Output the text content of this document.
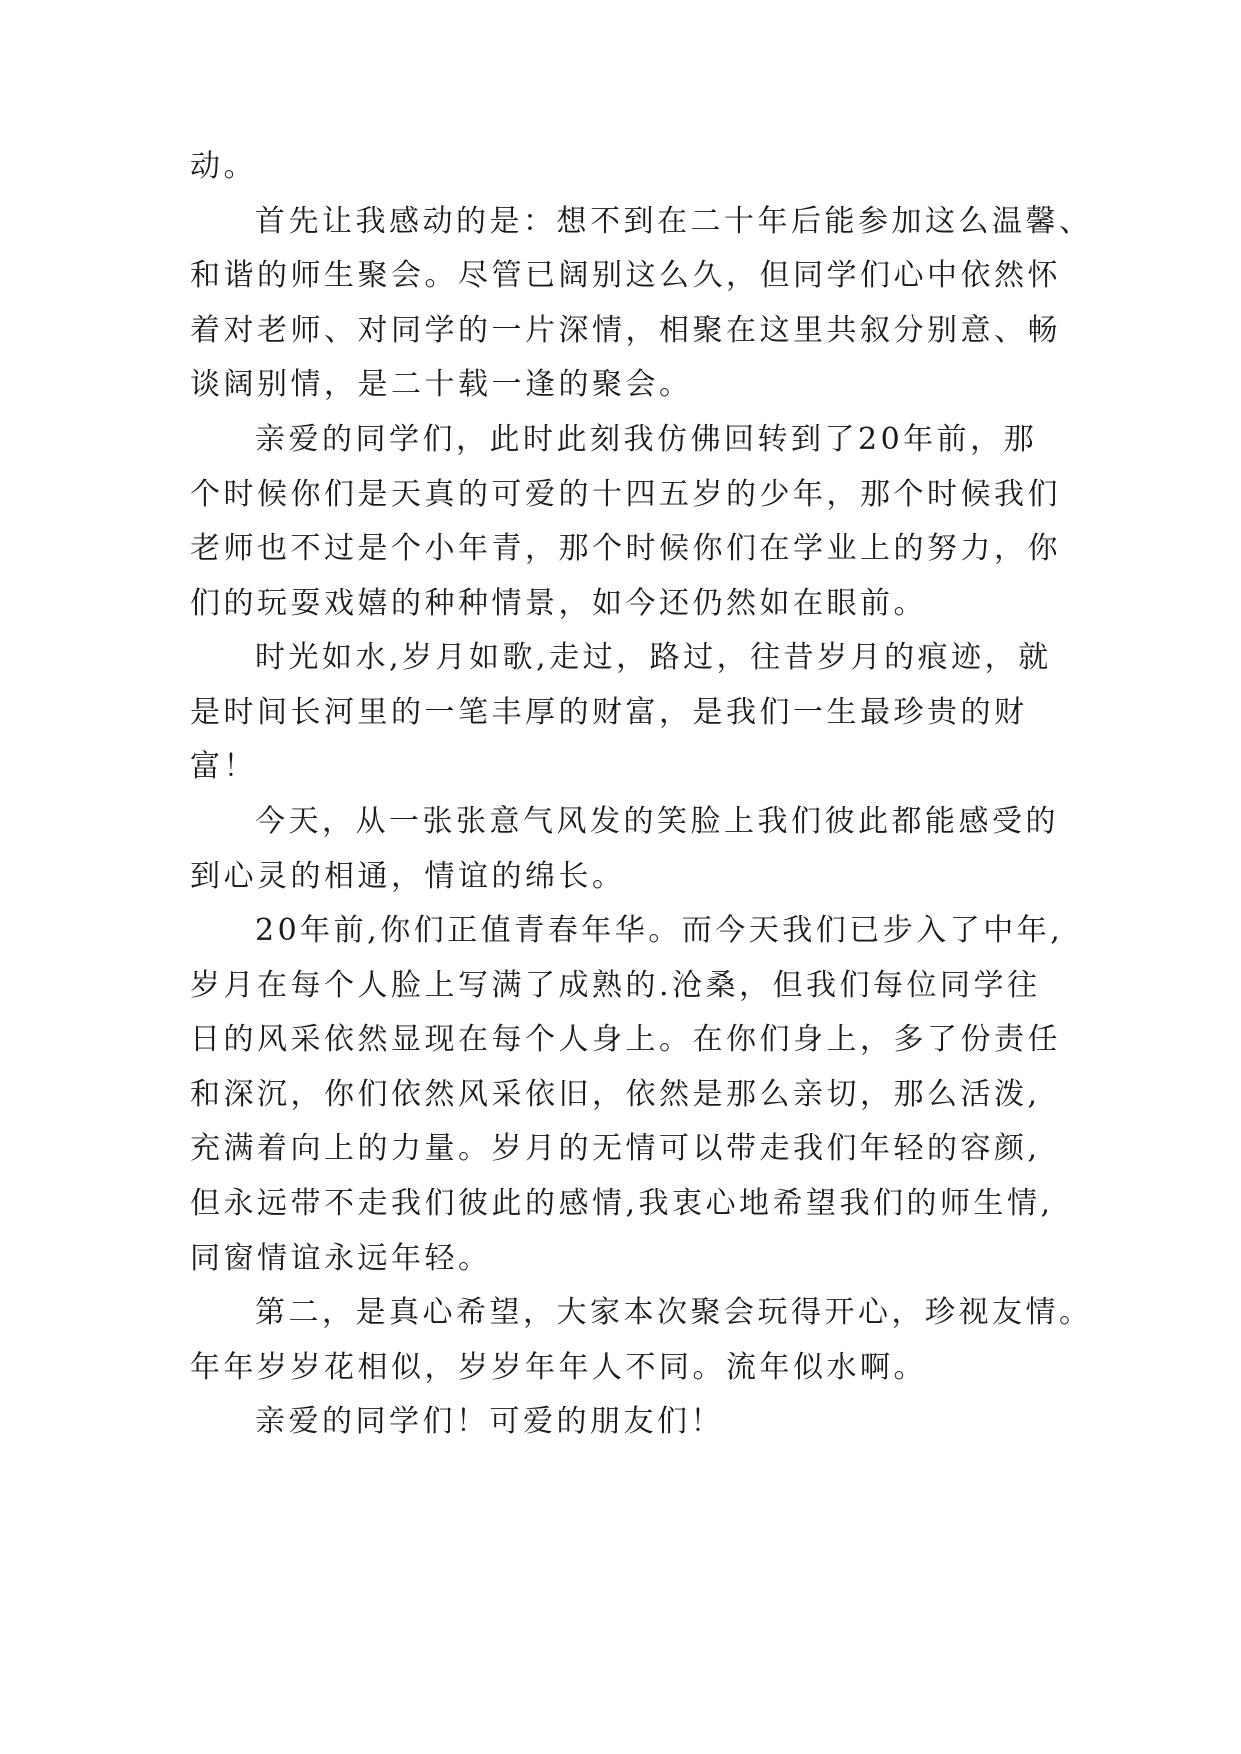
动。

首先让我感动的是：想不到在二十年后能参加这么温馨、

和谐的师生聚会。尽管已阔别这么久，但同学们心中依然怀

着对老师、对同学的一片深情，相聚在这里共叙分别意、畅

谈阔别情，是二十载一逢的聚会。

亲爱的同学们，此时此刻我仿佛回转到了20年前，那

个时候你们是天真的可爱的十四五岁的少年，那个时候我们

老师也不过是个小年青，那个时候你们在学业上的努力，你

们的玩耍戏嬉的种种情景，如今还仍然如在眼前。

时光如水,岁月如歌,走过，路过，往昔岁月的痕迹，就

是时间长河里的一笔丰厚的财富，是我们一生最珍贵的财

富！

今天，从一张张意气风发的笑脸上我们彼此都能感受的

到心灵的相通，情谊的绵长。

20年前,你们正值青春年华。而今天我们已步入了中年,

岁月在每个人脸上写满了成熟的.沧桑，但我们每位同学往

日的风采依然显现在每个人身上。在你们身上，多了份责任

和深沉，你们依然风采依旧，依然是那么亲切，那么活泼,

充满着向上的力量。岁月的无情可以带走我们年轻的容颜,

但永远带不走我们彼此的感情,我衷心地希望我们的师生情,

同窗情谊永远年轻。

第二，是真心希望，大家本次聚会玩得开心，珍视友情。

年年岁岁花相似，岁岁年年人不同。流年似水啊。

亲爱的同学们！可爱的朋友们！
